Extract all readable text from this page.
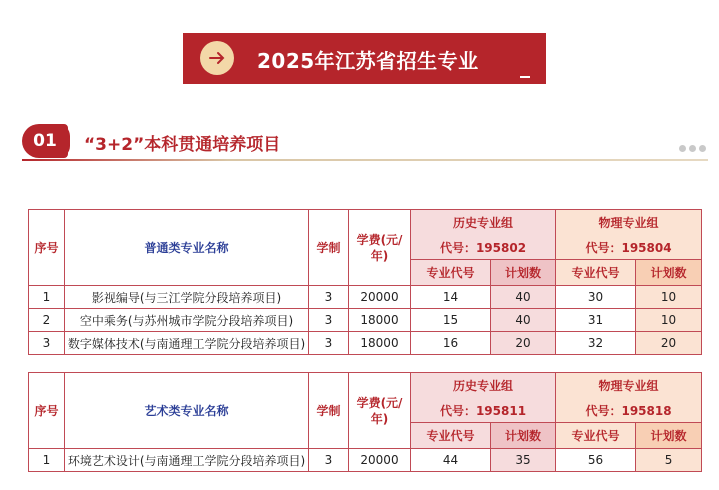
2025年江苏省招生专业
01	“3+2”本科贯通培养项目
序号	普通类专业名称	学制	学费(元/年)	历史专业组		物理专业组	
				代号：195802		代号：195804	
				专业代号	计划数	专业代号	计划数
1	影视编导(与三江学院分段培养项目)	3	20000	14	40	30	10
2	空中乘务(与苏州城市学院分段培养项目)	3	18000	15	40	31	10
3	数字媒体技术(与南通理工学院分段培养项目)	3	18000	16	20	32	20
序号	艺术类专业名称	学制	学费(元/年)	历史专业组		物理专业组	
				代号：195811		代号：195818	
				专业代号	计划数	专业代号	计划数
1	环境艺术设计(与南通理工学院分段培养项目)	3	20000	44	35	56	5
